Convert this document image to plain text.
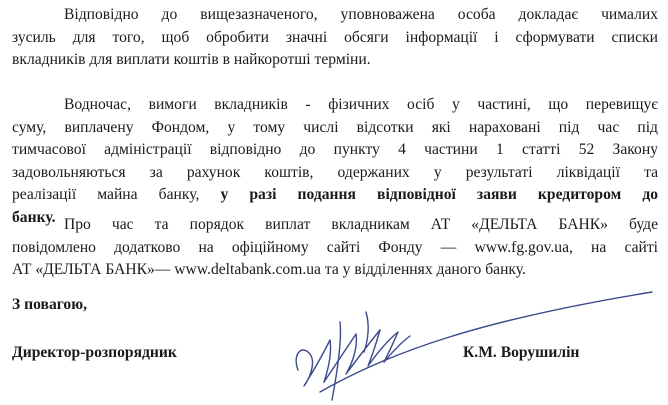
Відповідно до вищезазначеного, уповноважена особа докладає чималих
зусиль для того, щоб обробити значні обсяги інформації і сформувати списки
вкладників для виплати коштів в найкоротші терміни.
Водночас, вимоги вкладників - фізичних осіб у частині, що перевищує
суму, виплачену Фондом, у тому числі відсотки які нараховані під час під
тимчасової адміністрації відповідно до пункту 4 частини 1 статті 52 Закону
задовольняються за рахунок коштів, одержаних у результаті ліквідації та
реалізації майна банку, у разі подання відповідної заяви кредитором до
банку. Про час та порядок виплат вкладникам АТ «ДЕЛЬТА БАНК» буде
повідомлено додатково на офіційному сайті Фонду — www.fg.gov.ua, на сайті
АТ «ДЕЛЬТА БАНК»— www.deltabank.com.ua та у відділеннях даного банку.
З повагою,
Директор-розпорядник	К.М. Ворушилін
